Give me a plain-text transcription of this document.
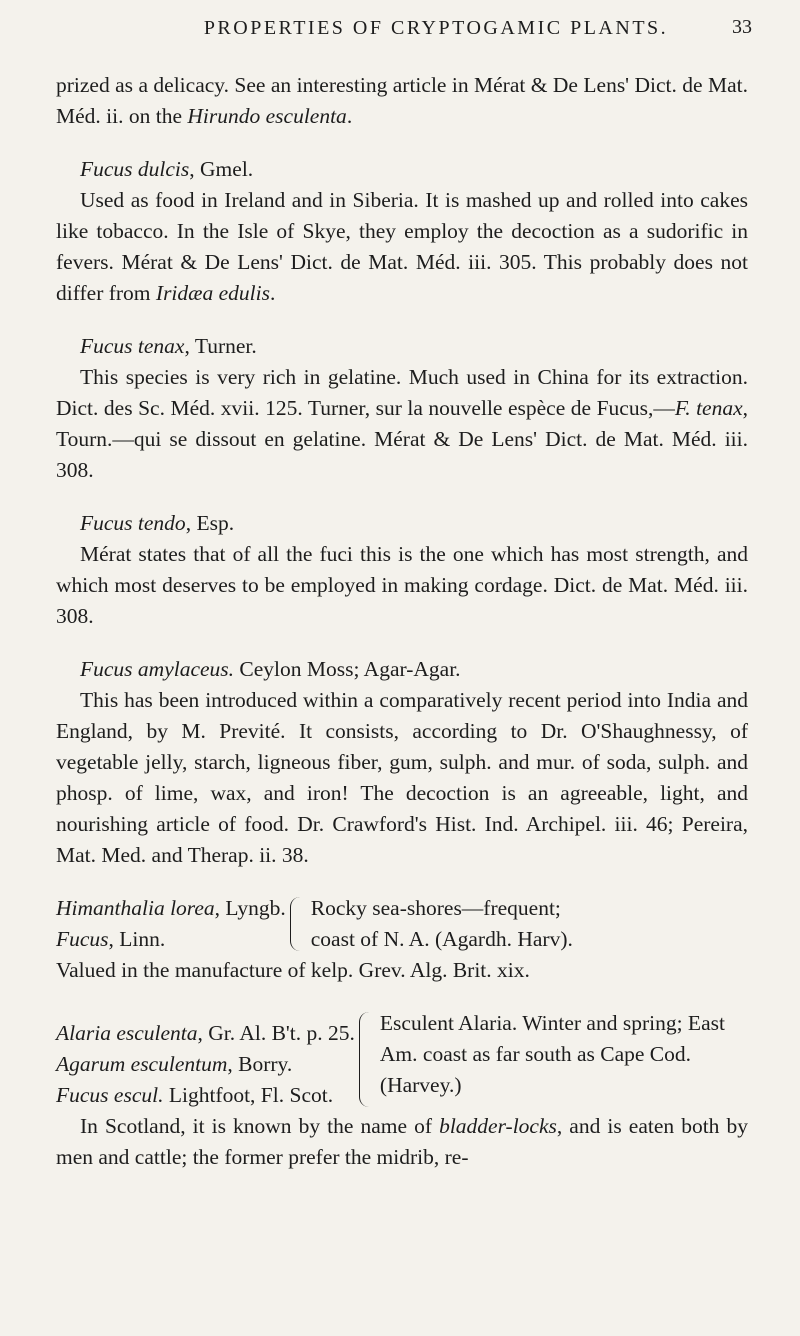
PROPERTIES OF CRYPTOGAMIC PLANTS.	33

prized as a delicacy. See an interesting article in Mérat & De Lens' Dict. de Mat. Méd. ii. on the Hirundo esculenta.

Fucus dulcis, Gmel.

Used as food in Ireland and in Siberia. It is mashed up and rolled into cakes like tobacco. In the Isle of Skye, they employ the decoction as a sudorific in fevers. Mérat & De Lens' Dict. de Mat. Méd. iii. 305. This probably does not differ from Iridæa edulis.

Fucus tenax, Turner.

This species is very rich in gelatine. Much used in China for its extraction. Dict. des Sc. Méd. xvii. 125. Turner, sur la nouvelle espèce de Fucus,—F. tenax, Tourn.—qui se dissout en gelatine. Mérat & De Lens' Dict. de Mat. Méd. iii. 308.

Fucus tendo, Esp.

Mérat states that of all the fuci this is the one which has most strength, and which most deserves to be employed in making cordage. Dict. de Mat. Méd. iii. 308.

Fucus amylaceus. Ceylon Moss; Agar-Agar.

This has been introduced within a comparatively recent period into India and England, by M. Previté. It consists, according to Dr. O'Shaughnessy, of vegetable jelly, starch, ligneous fiber, gum, sulph. and mur. of soda, sulph. and phosp. of lime, wax, and iron! The decoction is an agreeable, light, and nourishing article of food. Dr. Crawford's Hist. Ind. Archipel. iii. 46; Pereira, Mat. Med. and Therap. ii. 38.

Himanthalia lorea, Lyngb.
Fucus, Linn.
Rocky sea-shores—frequent;
coast of N. A. (Agardh. Harv).

Valued in the manufacture of kelp. Grev. Alg. Brit. xix.

Alaria esculenta, Gr. Al. B't. p. 25.
Agarum esculentum, Borry.
Fucus escul. Lightfoot, Fl. Scot.
Esculent Alaria. Winter and spring; East Am. coast as far south as Cape Cod. (Harvey.)

In Scotland, it is known by the name of bladder-locks, and is eaten both by men and cattle; the former prefer the midrib, re-
